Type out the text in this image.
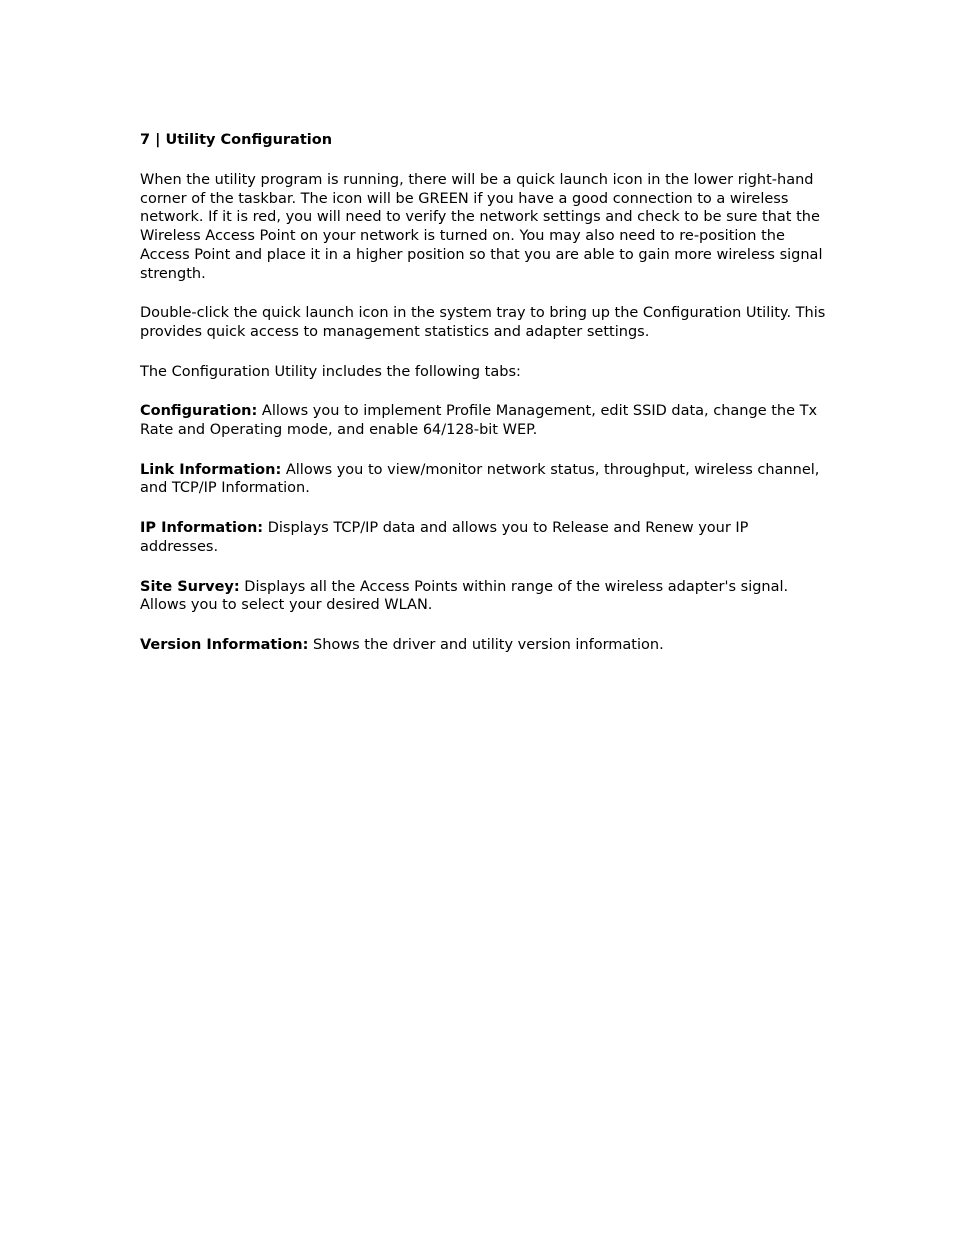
7 | Utility Configuration

When the utility program is running, there will be a quick launch icon in the lower right-hand corner of the taskbar. The icon will be GREEN if you have a good connection to a wireless network. If it is red, you will need to verify the network settings and check to be sure that the Wireless Access Point on your network is turned on. You may also need to re-position the Access Point and place it in a higher position so that you are able to gain more wireless signal strength.

Double-click the quick launch icon in the system tray to bring up the Configuration Utility. This provides quick access to management statistics and adapter settings.

The Configuration Utility includes the following tabs:

Configuration: Allows you to implement Profile Management, edit SSID data, change the Tx Rate and Operating mode, and enable 64/128-bit WEP.

Link Information: Allows you to view/monitor network status, throughput, wireless channel, and TCP/IP Information.

IP Information: Displays TCP/IP data and allows you to Release and Renew your IP addresses.

Site Survey: Displays all the Access Points within range of the wireless adapter's signal. Allows you to select your desired WLAN.

Version Information: Shows the driver and utility version information.
